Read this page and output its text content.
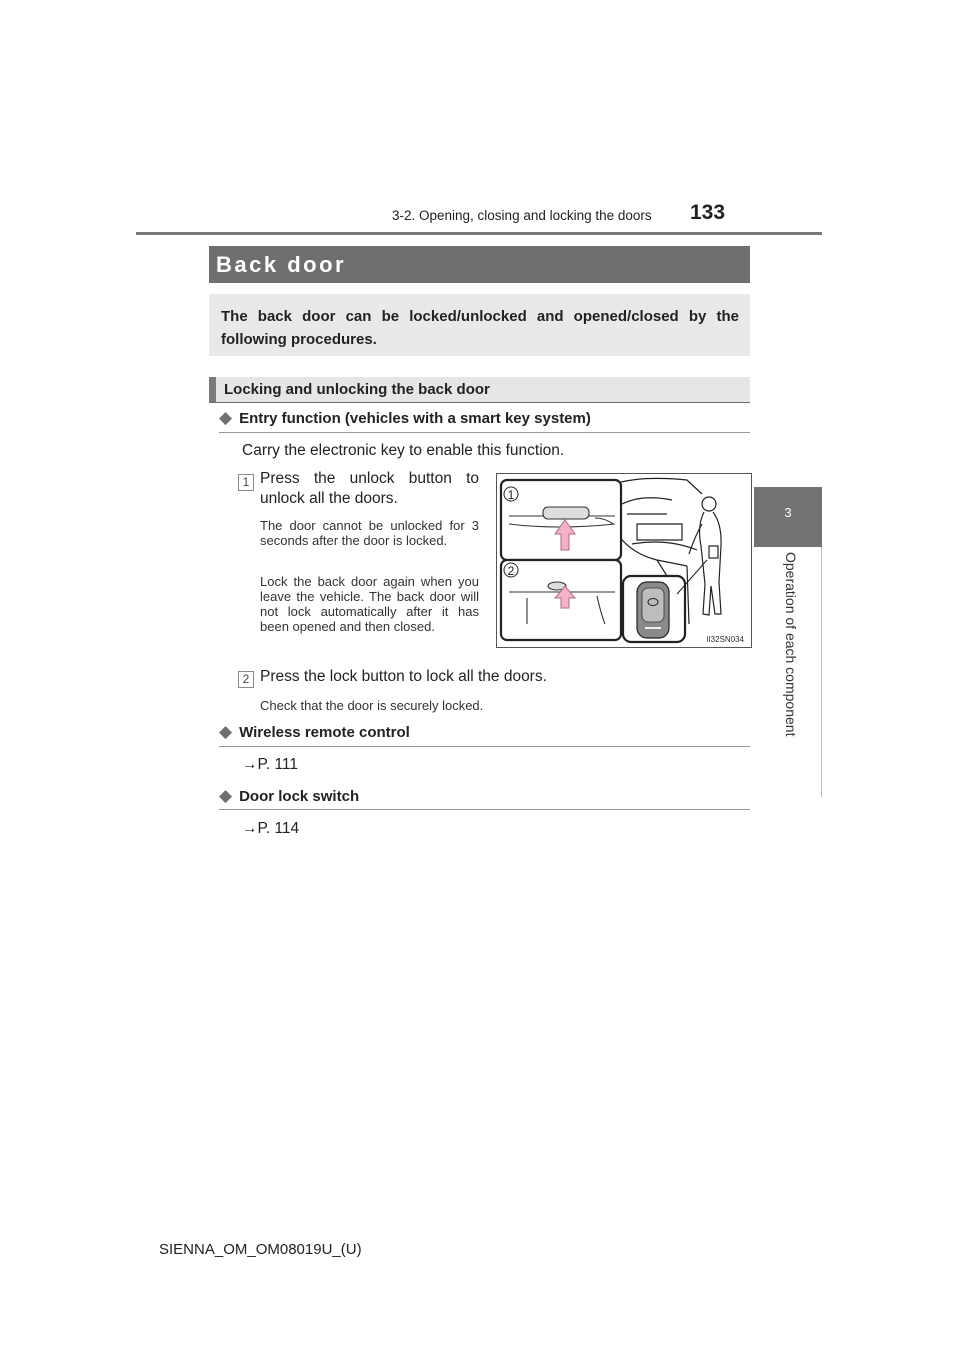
3-2. Opening, closing and locking the doors 133
3
Operation of each component
Back door
The back door can be locked/unlocked and opened/closed by the following procedures.
Locking and unlocking the back door
◆ Entry function (vehicles with a smart key system)
Carry the electronic key to enable this function.
1 Press the unlock button to
unlock all the doors.
The door cannot be unlocked for 3 seconds after the door is locked.
Lock the back door again when you leave the vehicle. The back door will not lock automatically after it has been opened and then closed.
1
2
II32SN034
2 Press the lock button to lock all the doors.
Check that the door is securely locked.
◆ Wireless remote control
→P. 111
◆ Door lock switch
→P. 114
SIENNA_OM_OM08019U_(U)
